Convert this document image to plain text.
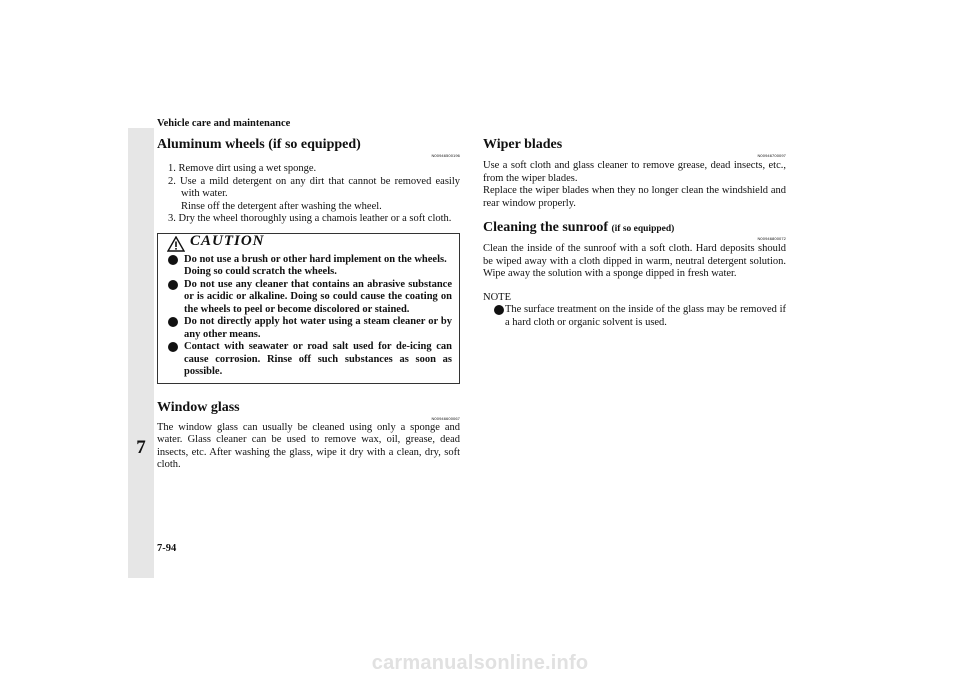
Vehicle care and maintenance
7
7-94
Aluminum wheels (if so equipped)
N00946500196

1. Remove dirt using a wet sponge.

2. Use a mild detergent on any dirt that cannot be removed easily with water.

Rinse off the detergent after washing the wheel.

3. Dry the wheel thoroughly using a chamois leather or a soft cloth.

CAUTION
Do not use a brush or other hard implement on the wheels.
Doing so could scratch the wheels.
Do not use any cleaner that contains an abrasive substance or is acidic or alkaline. Doing so could cause the coating on the wheels to peel or become discolored or stained.
Do not directly apply hot water using a steam cleaner or by any other means.
Contact with seawater or road salt used for de-icing can cause corrosion. Rinse off such substances as soon as possible.
Window glass
N00946600067

The window glass can usually be cleaned using only a sponge and water. Glass cleaner can be used to remove wax, oil, grease, dead insects, etc. After washing the glass, wipe it dry with a clean, dry, soft cloth.

Wiper blades
N00946700097

Use a soft cloth and glass cleaner to remove grease, dead insects, etc., from the wiper blades.

Replace the wiper blades when they no longer clean the windshield and rear window properly.

Cleaning the sunroof (if so equipped)
N00946800072

Clean the inside of the sunroof with a soft cloth. Hard deposits should be wiped away with a cloth dipped in warm, neutral detergent solution. Wipe away the solution with a sponge dipped in fresh water.

NOTE
The surface treatment on the inside of the glass may be removed if a hard cloth or organic solvent is used.
carmanualsonline.info
